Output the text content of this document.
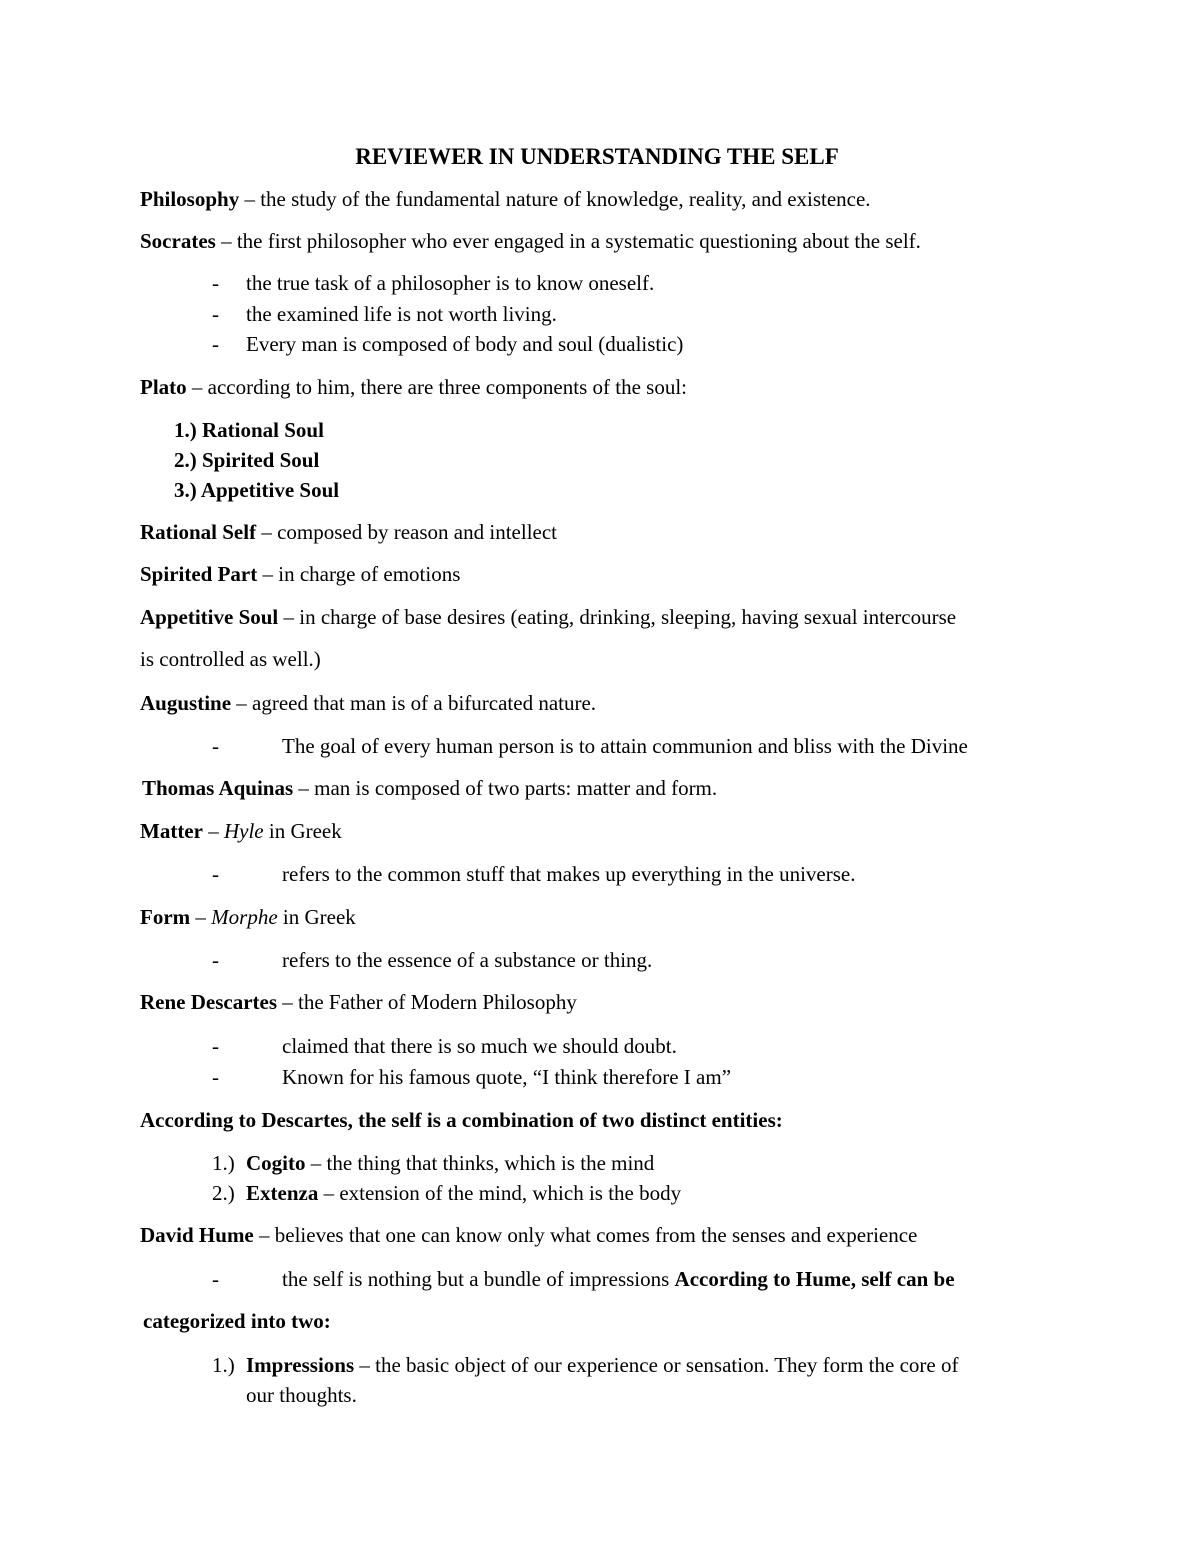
REVIEWER IN UNDERSTANDING THE SELF
Philosophy – the study of the fundamental nature of knowledge, reality, and existence.
Socrates – the first philosopher who ever engaged in a systematic questioning about the self.
- the true task of a philosopher is to know oneself.
- the examined life is not worth living.
- Every man is composed of body and soul (dualistic)
Plato – according to him, there are three components of the soul:
1.) Rational Soul
2.) Spirited Soul
3.) Appetitive Soul
Rational Self – composed by reason and intellect
Spirited Part – in charge of emotions
Appetitive Soul – in charge of base desires (eating, drinking, sleeping, having sexual intercourse
is controlled as well.)
Augustine – agreed that man is of a bifurcated nature.
-	The goal of every human person is to attain communion and bliss with the Divine
Thomas Aquinas – man is composed of two parts: matter and form.
Matter – Hyle in Greek
-	refers to the common stuff that makes up everything in the universe.
Form – Morphe in Greek
-	refers to the essence of a substance or thing.
Rene Descartes – the Father of Modern Philosophy
-	claimed that there is so much we should doubt.
-	Known for his famous quote, “I think therefore I am”
According to Descartes, the self is a combination of two distinct entities:
1.) Cogito – the thing that thinks, which is the mind
2.) Extenza – extension of the mind, which is the body
David Hume – believes that one can know only what comes from the senses and experience
-	the self is nothing but a bundle of impressions According to Hume, self can be
categorized into two:
1.) Impressions – the basic object of our experience or sensation. They form the core of
our thoughts.
